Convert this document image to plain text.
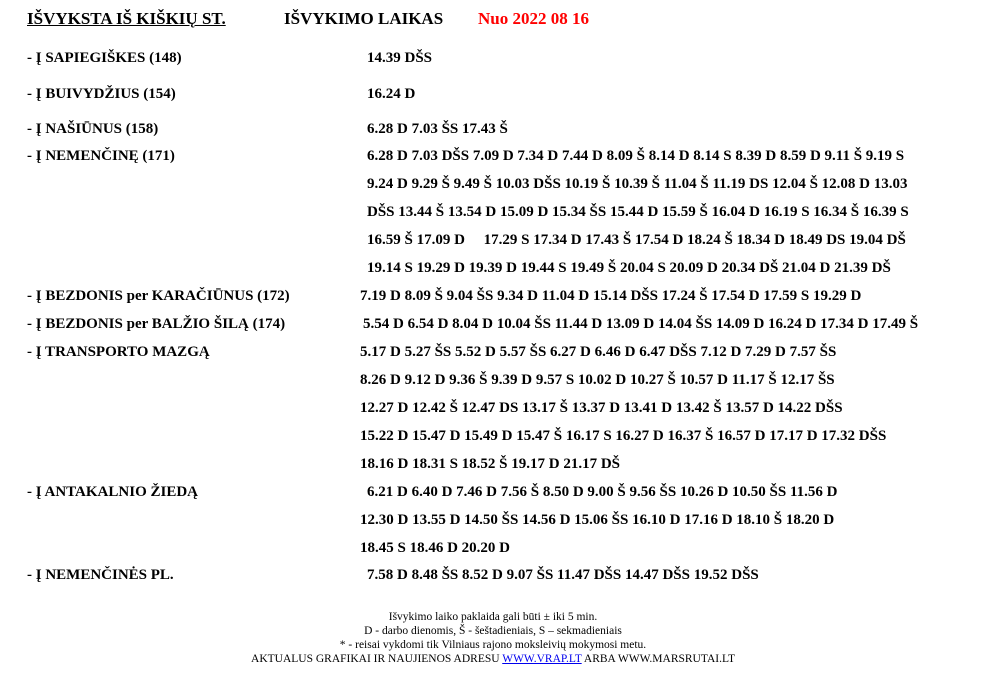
IŠVYKSTA IŠ KIŠKIŲ ST.	IŠVYKIMO LAIKAS Nuo 2022 08 16
- Į SAPIEGIŠKES (148)
- Į BUIVYDŽIUS (154)
- Į NAŠIŪNUS (158)
- Į NEMENČINĘ (171)
- Į BEZDONIS per KARAČIŪNUS (172)
- Į BEZDONIS per BALŽIO ŠILĄ (174)
- Į TRANSPORTO MAZGĄ
- Į ANTAKALNIO ŽIEDĄ
- Į NEMENČINĖS PL.
14.39 DŠS
16.24 D
6.28 D 7.03 ŠS 17.43 Š
6.28 D 7.03 DŠS 7.09 D 7.34 D 7.44 D 8.09 Š 8.14 D 8.14 S 8.39 D 8.59 D 9.11 Š 9.19 S
9.24 D 9.29 Š 9.49 Š 10.03 DŠS 10.19 Š 10.39 Š 11.04 Š 11.19 DS 12.04 Š 12.08 D 13.03
DŠS 13.44 Š 13.54 D 15.09 D 15.34 ŠS 15.44 D 15.59 Š 16.04 D 16.19 S 16.34 Š 16.39 S
16.59 Š 17.09 D     17.29 S 17.34 D 17.43 Š 17.54 D 18.24 Š 18.34 D 18.49 DS 19.04 DŠ
19.14 S 19.29 D 19.39 D 19.44 S 19.49 Š 20.04 S 20.09 D 20.34 DŠ 21.04 D 21.39 DŠ
7.19 D 8.09 Š 9.04 ŠS 9.34 D 11.04 D 15.14 DŠS 17.24 Š 17.54 D 17.59 S 19.29 D
5.54 D 6.54 D 8.04 D 10.04 ŠS 11.44 D 13.09 D 14.04 ŠS 14.09 D 16.24 D 17.34 D 17.49 Š
5.17 D 5.27 ŠS 5.52 D 5.57 ŠS 6.27 D 6.46 D 6.47 DŠS 7.12 D 7.29 D 7.57 ŠS
8.26 D 9.12 D 9.36 Š 9.39 D 9.57 S 10.02 D 10.27 Š 10.57 D 11.17 Š 12.17 ŠS
12.27 D 12.42 Š 12.47 DS 13.17 Š 13.37 D 13.41 D 13.42 Š 13.57 D 14.22 DŠS
15.22 D 15.47 D 15.49 D 15.47 Š 16.17 S 16.27 D 16.37 Š 16.57 D 17.17 D 17.32 DŠS
18.16 D 18.31 S 18.52 Š 19.17 D 21.17 DŠ
6.21 D 6.40 D 7.46 D 7.56 Š 8.50 D 9.00 Š 9.56 ŠS 10.26 D 10.50 ŠS 11.56 D
12.30 D 13.55 D 14.50 ŠS 14.56 D 15.06 ŠS 16.10 D 17.16 D 18.10 Š 18.20 D
18.45 S 18.46 D 20.20 D
7.58 D 8.48 ŠS 8.52 D 9.07 ŠS 11.47 DŠS 14.47 DŠS 19.52 DŠS
Išvykimo laiko paklaida gali būti ± iki 5 min.
D - darbo dienomis, Š - šeštadieniais, S – sekmadieniais
* - reisai vykdomi tik Vilniaus rajono moksleivių mokymosi metu.
AKTUALUS GRAFIKAI IR NAUJIENOS ADRESU WWW.VRAP.LT ARBA WWW.MARSRUTAI.LT
